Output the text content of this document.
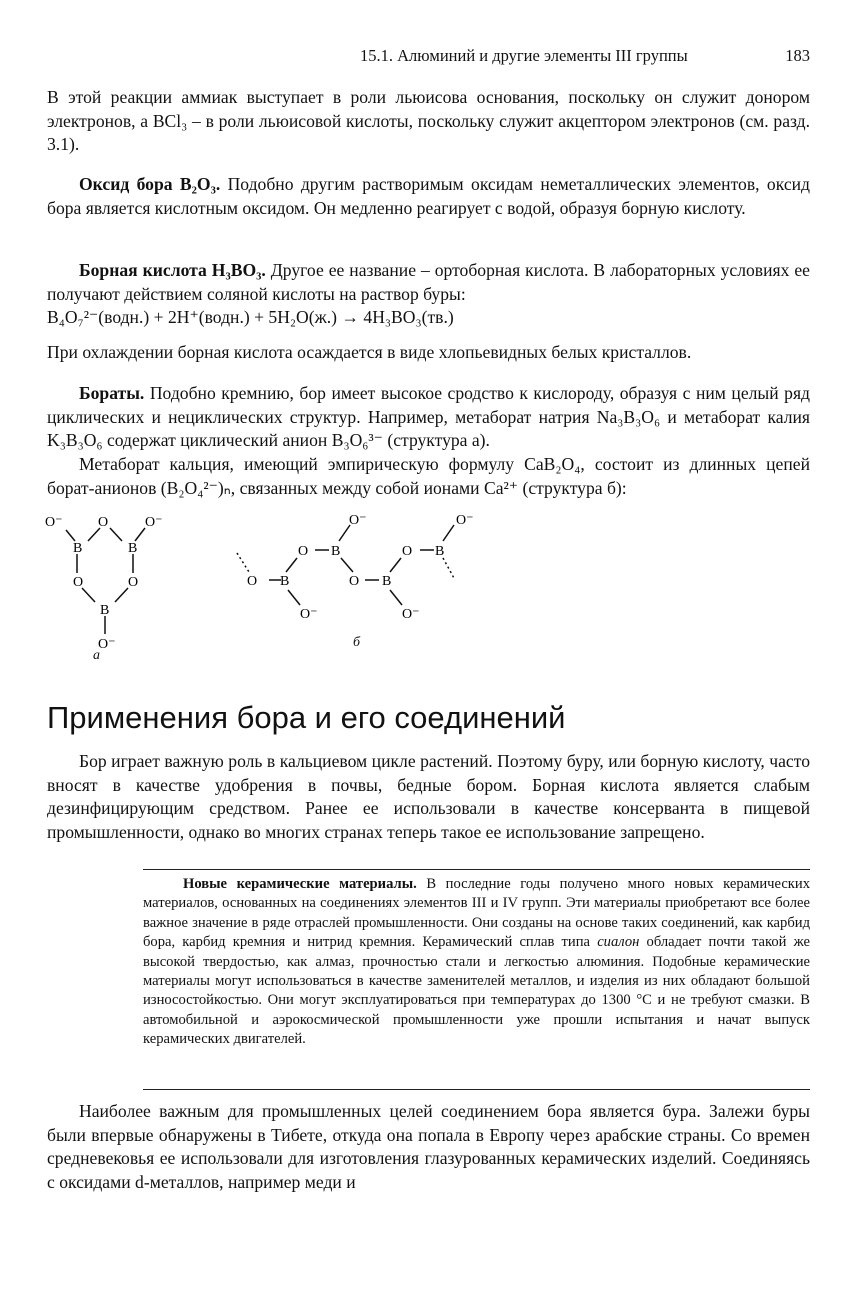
15.1. Алюминий и другие элементы III группы	183

В этой реакции аммиак выступает в роли льюисова основания, поскольку он служит донором электронов, а BCl₃ – в роли льюисовой кислоты, поскольку служит акцептором электронов (см. разд. 3.1).

Оксид бора B₂O₃. Подобно другим растворимым оксидам неметаллических элементов, оксид бора является кислотным оксидом. Он медленно реагирует с водой, образуя борную кислоту.

Борная кислота H₃BO₃. Другое ее название – ортоборная кислота. В лабораторных условиях ее получают действием соляной кислоты на раствор буры:

B₄O₇²⁻(водн.) + 2H⁺(водн.) + 5H₂O(ж.) → 4H₃BO₃(тв.)

При охлаждении борная кислота осаждается в виде хлопьевидных белых кристаллов.

Бораты. Подобно кремнию, бор имеет высокое сродство к кислороду, образуя с ним целый ряд циклических и нециклических структур. Например, метаборат натрия Na₃B₃O₆ и метаборат калия K₃B₃O₆ содержат циклический анион B₃O₆³⁻ (структура а).

Метаборат кальция, имеющий эмпирическую формулу CaB₂O₄, состоит из длинных цепей борат-анионов (B₂O₄²⁻)ₙ, связанных между собой ионами Ca²⁺ (структура б):

O⁻	O	O⁻
B	B
O	O
B
O⁻
а
O⁻	O⁻
O B	O B
O B	O B
O⁻	O⁻
б
Применения бора и его соединений

Бор играет важную роль в кальциевом цикле растений. Поэтому буру, или борную кислоту, часто вносят в качестве удобрения в почвы, бедные бором. Борная кислота является слабым дезинфицирующим средством. Ранее ее использовали в качестве консерванта в пищевой промышленности, однако во многих странах теперь такое ее использование запрещено.

Новые керамические материалы. В последние годы получено много новых керамических материалов, основанных на соединениях элементов III и IV групп. Эти материалы приобретают все более важное значение в ряде отраслей промышленности. Они созданы на основе таких соединений, как карбид бора, карбид кремния и нитрид кремния. Керамический сплав типа сиалон обладает почти такой же высокой твердостью, как алмаз, прочностью стали и легкостью алюминия. Подобные керамические материалы могут использоваться в качестве заменителей металлов, и изделия из них обладают большой износостойкостью. Они могут эксплуатироваться при температурах до 1300 °C и не требуют смазки. В автомобильной и аэрокосмической промышленности уже прошли испытания и начат выпуск керамических двигателей.

Наиболее важным для промышленных целей соединением бора является бура. Залежи буры были впервые обнаружены в Тибете, откуда она попала в Европу через арабские страны. Со времен средневековья ее использовали для изготовления глазурованных керамических изделий. Соединяясь с оксидами d-металлов, например меди и
